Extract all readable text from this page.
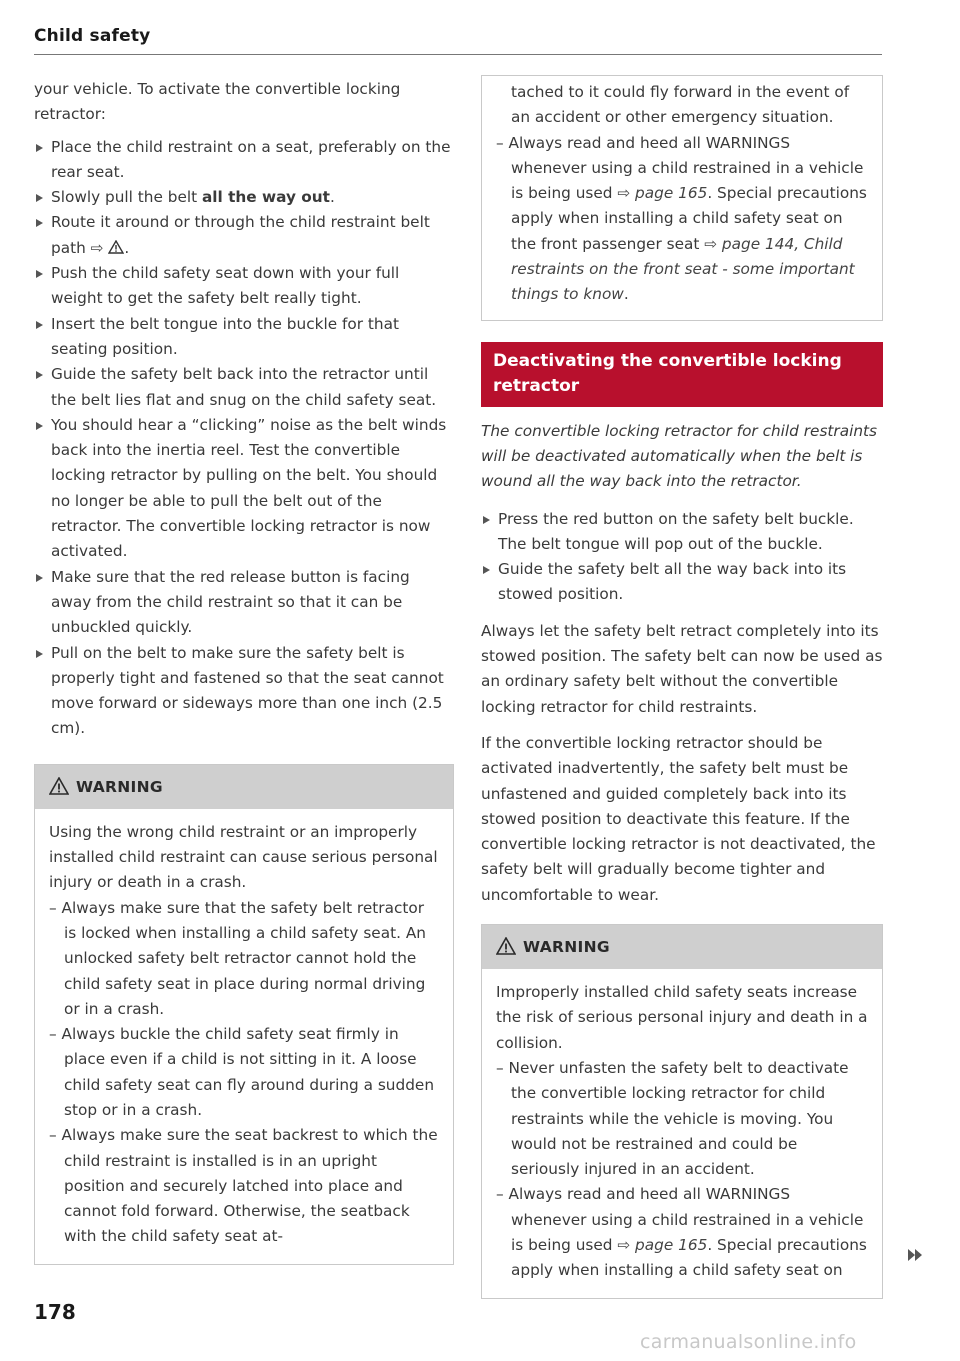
Child safety

your vehicle. To activate the convertible locking retractor:

Place the child restraint on a seat, preferably on the rear seat.
Slowly pull the belt all the way out.
Route it around or through the child restraint belt path ⇨ .
Push the child safety seat down with your full weight to get the safety belt really tight.
Insert the belt tongue into the buckle for that seating position.
Guide the safety belt back into the retractor until the belt lies flat and snug on the child safety seat.
You should hear a “clicking” noise as the belt winds back into the inertia reel. Test the convertible locking retractor by pulling on the belt. You should no longer be able to pull the belt out of the retractor. The convertible locking retractor is now activated.
Make sure that the red release button is facing away from the child restraint so that it can be unbuckled quickly.
Pull on the belt to make sure the safety belt is properly tight and fastened so that the seat cannot move forward or sideways more than one inch (2.5 cm).
WARNING

Using the wrong child restraint or an improperly installed child restraint can cause serious personal injury or death in a crash.

– Always make sure that the safety belt retractor is locked when installing a child safety seat. An unlocked safety belt retractor cannot hold the child safety seat in place during normal driving or in a crash.

– Always buckle the child safety seat firmly in place even if a child is not sitting in it. A loose child safety seat can fly around during a sudden stop or in a crash.

– Always make sure the seat backrest to which the child restraint is installed is in an upright position and securely latched into place and cannot fold forward. Otherwise, the seatback with the child safety seat at-

tached to it could fly forward in the event of an accident or other emergency situation.

– Always read and heed all WARNINGS whenever using a child restrained in a vehicle is being used ⇨ page 165. Special precautions apply when installing a child safety seat on the front passenger seat ⇨ page 144, Child restraints on the front seat - some important things to know.

Deactivating the convertible locking retractor

The convertible locking retractor for child restraints will be deactivated automatically when the belt is wound all the way back into the retractor.

Press the red button on the safety belt buckle. The belt tongue will pop out of the buckle.
Guide the safety belt all the way back into its stowed position.

Always let the safety belt retract completely into its stowed position. The safety belt can now be used as an ordinary safety belt without the convertible locking retractor for child restraints.

If the convertible locking retractor should be activated inadvertently, the safety belt must be unfastened and guided completely back into its stowed position to deactivate this feature. If the convertible locking retractor is not deactivated, the safety belt will gradually become tighter and uncomfortable to wear.

WARNING

Improperly installed child safety seats increase the risk of serious personal injury and death in a collision.

– Never unfasten the safety belt to deactivate the convertible locking retractor for child restraints while the vehicle is moving. You would not be restrained and could be seriously injured in an accident.

– Always read and heed all WARNINGS whenever using a child restrained in a vehicle is being used ⇨ page 165. Special precautions apply when installing a child safety seat on

178
carmanualsonline.info
